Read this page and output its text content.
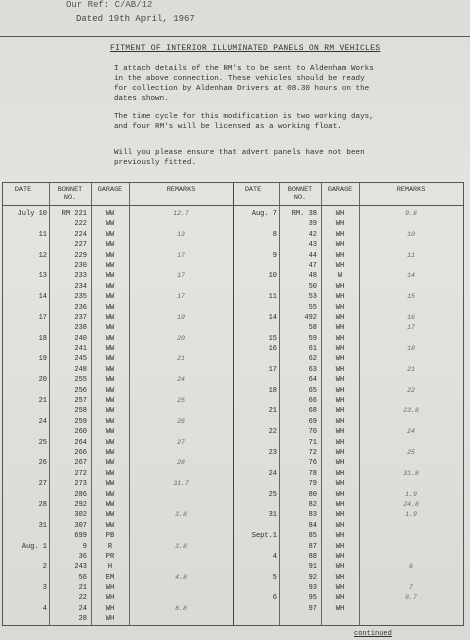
Our Ref: C/AB/12
Dated 19th April, 1967
FITMENT OF INTERIOR ILLUMINATED PANELS ON RM VEHICLES
I attach details of the RM's to be sent to Aldenham Works
in the above connection. These vehicles should be ready
for collection by Aldenham Drivers at 08.30 hours on the
dates shown.
The time cycle for this modification is two working days,
and four RM's will be licensed as a working float.
Will you please ensure that advert panels have not been
previously fitted.
DATE	BONNET
NO.
GARAGE	REMARKS
July 10	RM 221	WW	12.7
222	WW
11	224	WW	13
227	WW
12	229	WW	17
230	WW
13	233	WW	17
234	WW
14	235	WW	17
236	WW
17	237	WW	19
238	WW
18	240	WW	20
241	WW
19	245	WW	21
248	WW
20	255	WW	24
256	WW
21	257	WW	25
258	WW
24	259	WW	26
260	WW
25	264	WW	27
266	WW
26	267	WW	28
272	WW
27	273	WW	31.7
286	WW
28	292	WW
302	WW	3.8
31	307	WW
699	PB
Aug. 1	9	R	3.8
36	PR
2	243	H
56	EM	4.8
3	21	WH
22	WH
4	24	WH	8.8
28	WH
DATE	BONNET
NO.
GARAGE	REMARKS
Aug. 7	RM. 38	WH	9.8
39	WH
8	42	WH	10
43	WH
9	44	WH	11
47	WH
10	48	W	14
50	WH
11	53	WH	15
55	WH
14	492	WH	16
58	WH	17
15	59	WH
16	61	WH	18
62	WH
17	63	WH	21
64	WH
18	65	WH	22
66	WH
21	68	WH	23.8
69	WH
22	70	WH	24
71	WH
23	72	WH	25
76	WH
24	78	WH	31.8
79	WH
25	80	WH	1.9
82	WH	24.8
31	83	WH	1.9
84	WH
Sept.1	85	WH
87	WH
4	88	WH
91	WH	6
5	92	WH
93	WH	7
6	95	WH	8.7
97	WH
continued
